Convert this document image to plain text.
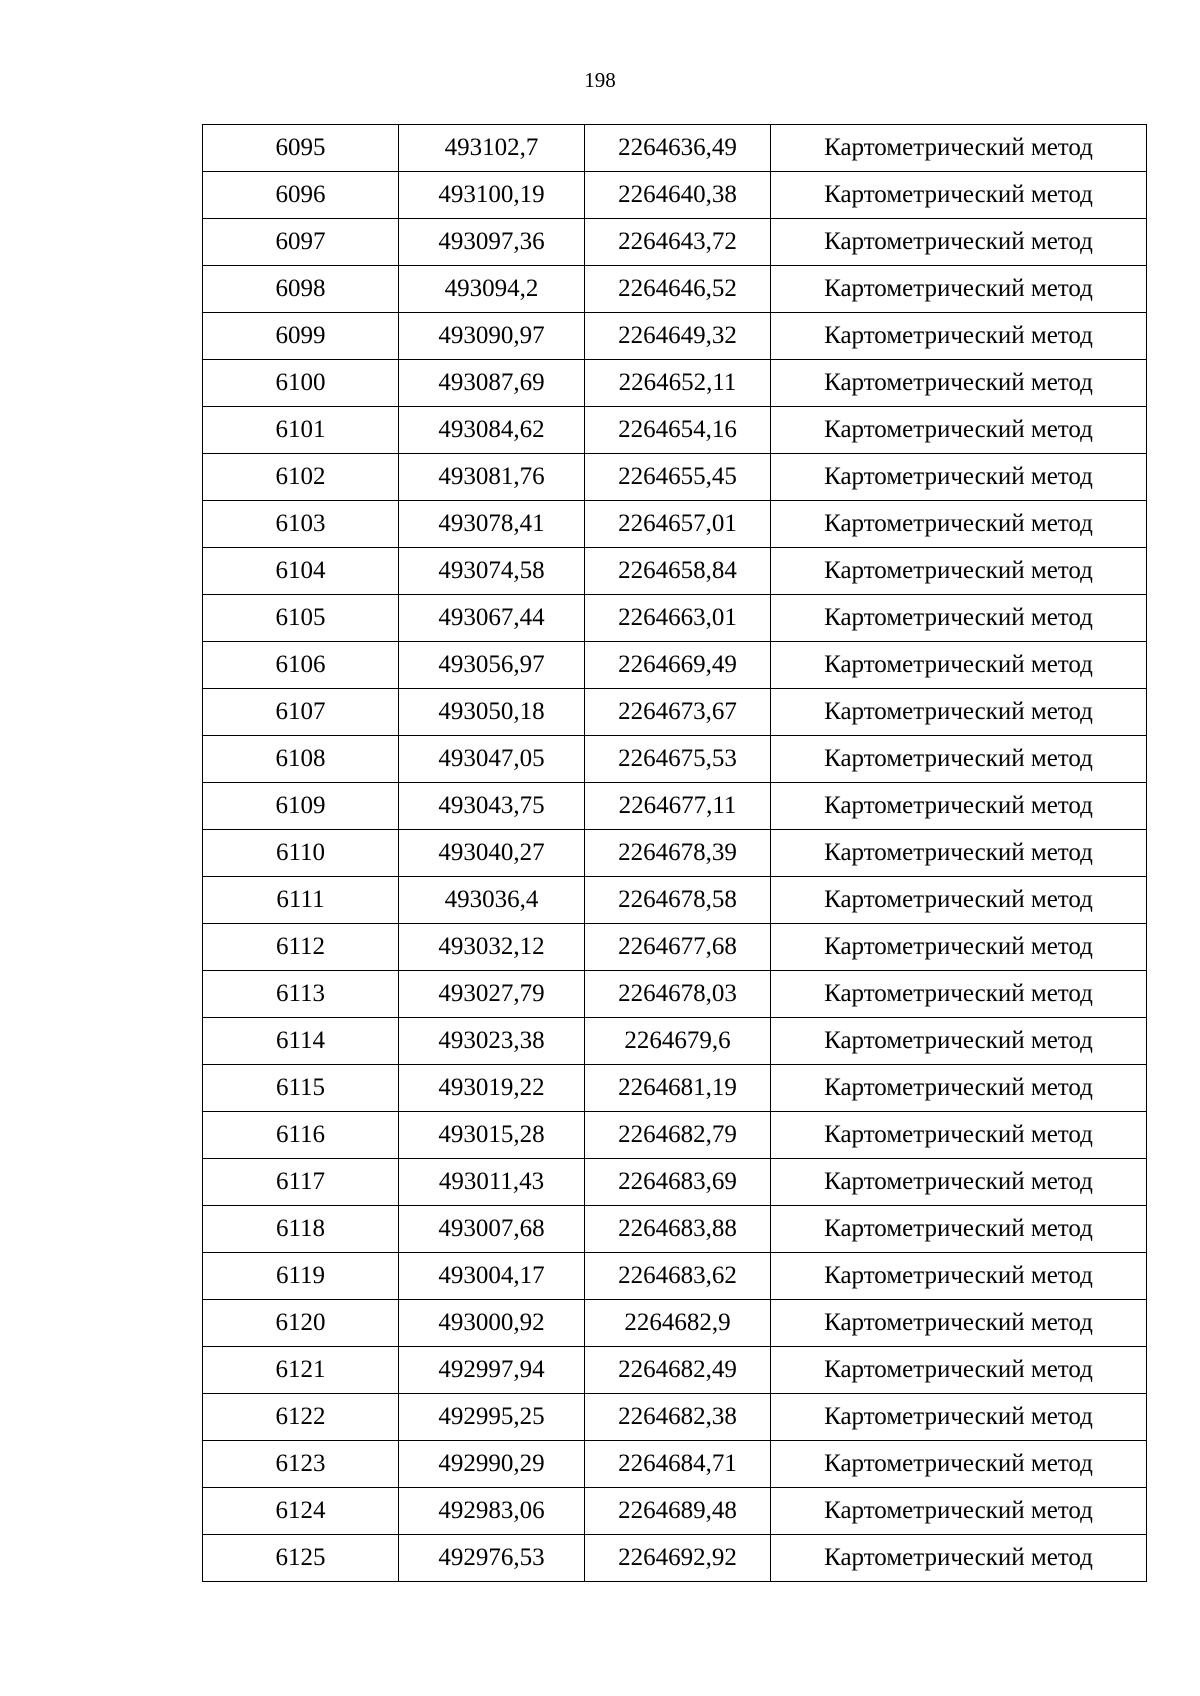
198
6095	493102,7	2264636,49	Картометрический метод
6096	493100,19	2264640,38	Картометрический метод
6097	493097,36	2264643,72	Картометрический метод
6098	493094,2	2264646,52	Картометрический метод
6099	493090,97	2264649,32	Картометрический метод
6100	493087,69	2264652,11	Картометрический метод
6101	493084,62	2264654,16	Картометрический метод
6102	493081,76	2264655,45	Картометрический метод
6103	493078,41	2264657,01	Картометрический метод
6104	493074,58	2264658,84	Картометрический метод
6105	493067,44	2264663,01	Картометрический метод
6106	493056,97	2264669,49	Картометрический метод
6107	493050,18	2264673,67	Картометрический метод
6108	493047,05	2264675,53	Картометрический метод
6109	493043,75	2264677,11	Картометрический метод
6110	493040,27	2264678,39	Картометрический метод
6111	493036,4	2264678,58	Картометрический метод
6112	493032,12	2264677,68	Картометрический метод
6113	493027,79	2264678,03	Картометрический метод
6114	493023,38	2264679,6	Картометрический метод
6115	493019,22	2264681,19	Картометрический метод
6116	493015,28	2264682,79	Картометрический метод
6117	493011,43	2264683,69	Картометрический метод
6118	493007,68	2264683,88	Картометрический метод
6119	493004,17	2264683,62	Картометрический метод
6120	493000,92	2264682,9	Картометрический метод
6121	492997,94	2264682,49	Картометрический метод
6122	492995,25	2264682,38	Картометрический метод
6123	492990,29	2264684,71	Картометрический метод
6124	492983,06	2264689,48	Картометрический метод
6125	492976,53	2264692,92	Картометрический метод
